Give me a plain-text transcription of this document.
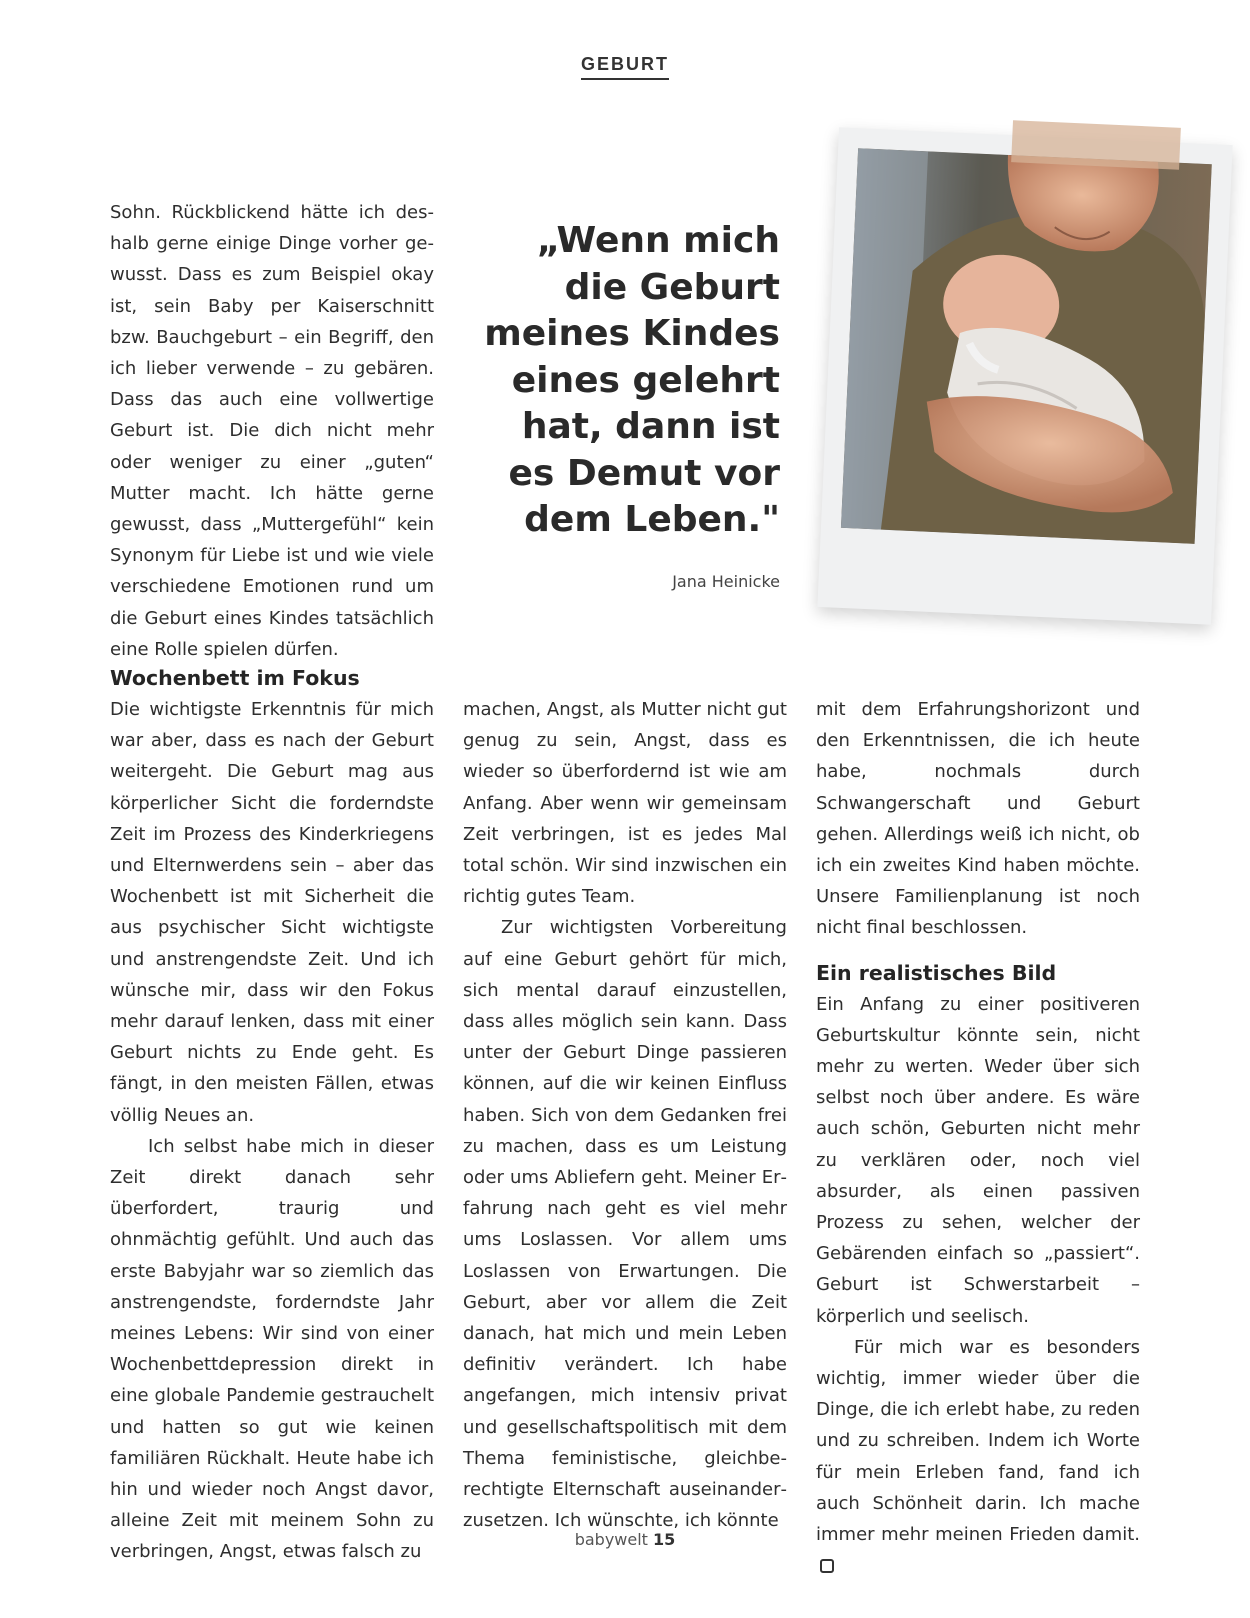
GEBURT

Sohn. Rückblickend hätte ich deshalb gerne einige Dinge vorher gewusst. Dass es zum Beispiel okay ist, sein Baby per Kaiserschnitt bzw. Bauchgeburt – ein Begriff, den ich lieber verwende – zu gebären. Dass das auch eine vollwertige Geburt ist. Die dich nicht mehr oder weniger zu einer „guten“ Mutter macht. Ich hätte gerne gewusst, dass „Muttergefühl“ kein Synonym für Liebe ist und wie viele verschiedene Emotionen rund um die Geburt eines Kindes tatsächlich eine Rolle spielen dürfen.

„Wenn mich die Geburt meines Kindes eines gelehrt hat, dann ist es Demut vor dem Leben."
Jana Heinicke
Wochenbett im Fokus

Die wichtigste Erkenntnis für mich war aber, dass es nach der Geburt weitergeht. Die Geburt mag aus körperlicher Sicht die forderndste Zeit im Prozess des Kinderkriegens und Elternwerdens sein – aber das Wochenbett ist mit Sicherheit die aus psychischer Sicht wichtigste und anstrengendste Zeit. Und ich wünsche mir, dass wir den Fokus mehr darauf lenken, dass mit einer Geburt nichts zu Ende geht. Es fängt, in den meisten Fällen, etwas völlig Neues an.

Ich selbst habe mich in dieser Zeit direkt danach sehr überfordert, traurig und ohnmächtig gefühlt. Und auch das erste Babyjahr war so ziemlich das anstrengendste, forderndste Jahr meines Lebens: Wir sind von einer Wochenbettdepression direkt in eine globale Pandemie gestrauchelt und hatten so gut wie keinen familiären Rückhalt. Heute habe ich hin und wieder noch Angst davor, alleine Zeit mit meinem Sohn zu verbringen, Angst, etwas falsch zu

machen, Angst, als Mutter nicht gut genug zu sein, Angst, dass es wieder so überfordernd ist wie am Anfang. Aber wenn wir gemeinsam Zeit verbringen, ist es jedes Mal total schön. Wir sind inzwischen ein richtig gutes Team.

Zur wichtigsten Vorbereitung auf eine Geburt gehört für mich, sich mental darauf einzustellen, dass alles möglich sein kann. Dass unter der Geburt Dinge passieren können, auf die wir keinen Einfluss haben. Sich von dem Gedanken frei zu machen, dass es um Leistung oder ums Abliefern geht. Meiner Erfahrung nach geht es viel mehr ums Loslassen. Vor allem ums Loslassen von Erwartungen. Die Geburt, aber vor allem die Zeit danach, hat mich und mein Leben definitiv verändert. Ich habe angefangen, mich intensiv privat und gesellschaftspolitisch mit dem Thema feministische, gleichberechtigte Elternschaft auseinanderzusetzen. Ich wünschte, ich könnte

mit dem Erfahrungshorizont und den Erkenntnissen, die ich heute habe, nochmals durch Schwangerschaft und Geburt gehen. Allerdings weiß ich nicht, ob ich ein zweites Kind haben möchte. Unsere Familienplanung ist noch nicht final beschlossen.

Ein realistisches Bild

Ein Anfang zu einer positiveren Geburtskultur könnte sein, nicht mehr zu werten. Weder über sich selbst noch über andere. Es wäre auch schön, Geburten nicht mehr zu verklären oder, noch viel absurder, als einen passiven Prozess zu sehen, welcher der Gebärenden einfach so „passiert“. Geburt ist Schwerstarbeit – körperlich und seelisch.

Für mich war es besonders wichtig, immer wieder über die Dinge, die ich erlebt habe, zu reden und zu schreiben. Indem ich Worte für mein Erleben fand, fand ich auch Schönheit darin. Ich mache immer mehr meinen Frieden damit.

babywelt 15
